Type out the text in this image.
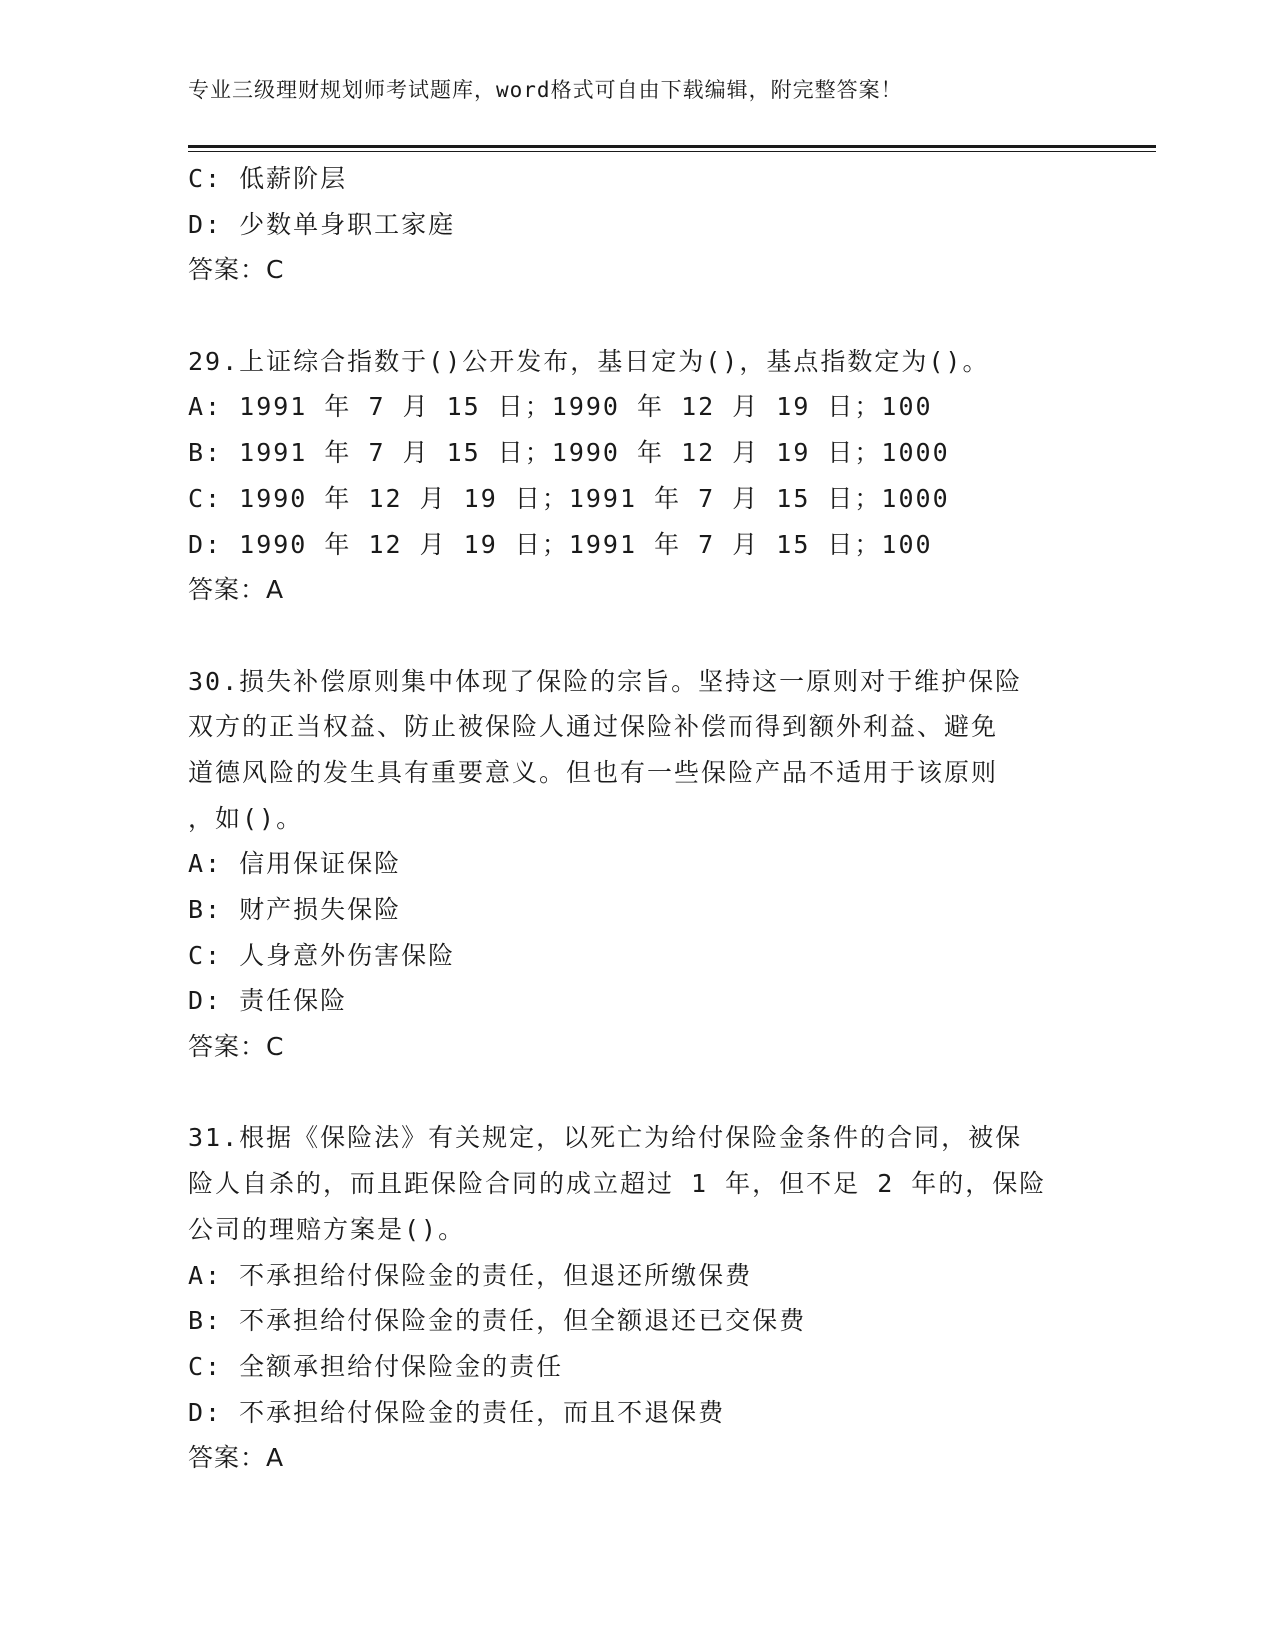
专业三级理财规划师考试题库，word格式可自由下载编辑，附完整答案！
C: 低薪阶层
D: 少数单身职工家庭
答案：C
29.上证综合指数于()公开发布，基日定为()，基点指数定为()。
A: 1991 年 7 月 15 日；1990 年 12 月 19 日；100
B: 1991 年 7 月 15 日；1990 年 12 月 19 日；1000
C: 1990 年 12 月 19 日；1991 年 7 月 15 日；1000
D: 1990 年 12 月 19 日；1991 年 7 月 15 日；100
答案：A
30.损失补偿原则集中体现了保险的宗旨。坚持这一原则对于维护保险
双方的正当权益、防止被保险人通过保险补偿而得到额外利益、避免
道德风险的发生具有重要意义。但也有一些保险产品不适用于该原则
，如()。
A: 信用保证保险
B: 财产损失保险
C: 人身意外伤害保险
D: 责任保险
答案：C
31.根据《保险法》有关规定，以死亡为给付保险金条件的合同，被保
险人自杀的，而且距保险合同的成立超过 1 年，但不足 2 年的，保险
公司的理赔方案是()。
A: 不承担给付保险金的责任，但退还所缴保费
B: 不承担给付保险金的责任，但全额退还已交保费
C: 全额承担给付保险金的责任
D: 不承担给付保险金的责任，而且不退保费
答案：A
